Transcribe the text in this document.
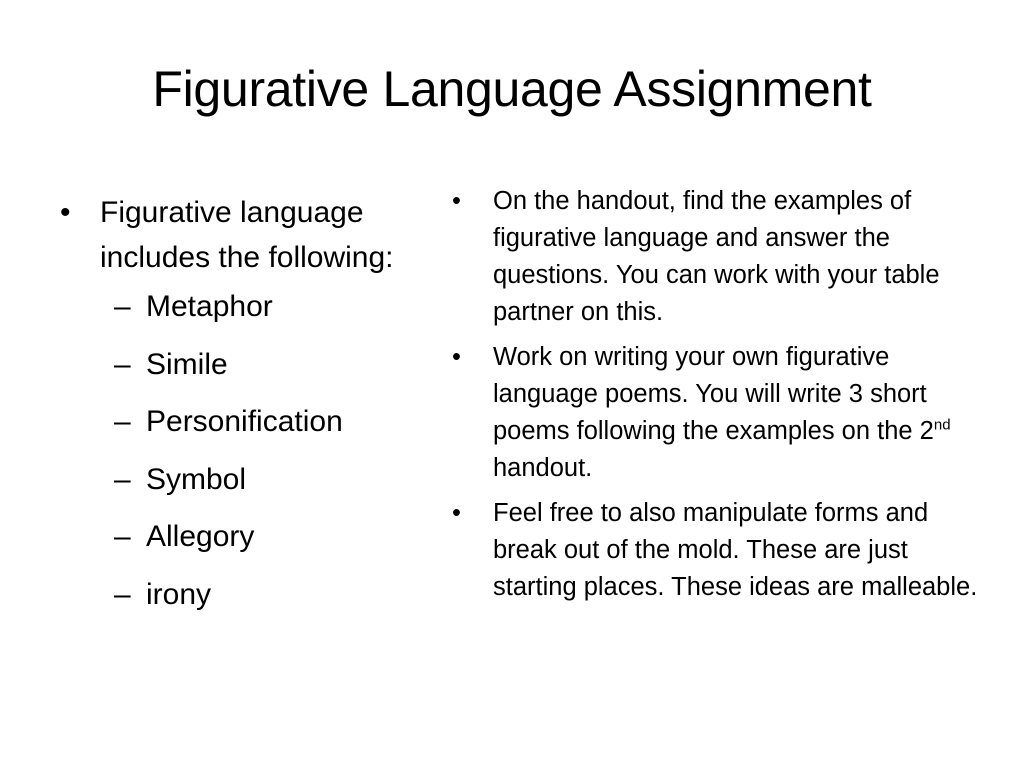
Figurative Language Assignment

• Figurative language includes the following:

– Metaphor
– Simile
– Personification
– Symbol
– Allegory
– irony

• On the handout, find the examples of figurative language and answer the questions. You can work with your table partner on this.

• Work on writing your own figurative language poems. You will write 3 short poems following the examples on the 2nd handout.

• Feel free to also manipulate forms and break out of the mold. These are just starting places. These ideas are malleable.
